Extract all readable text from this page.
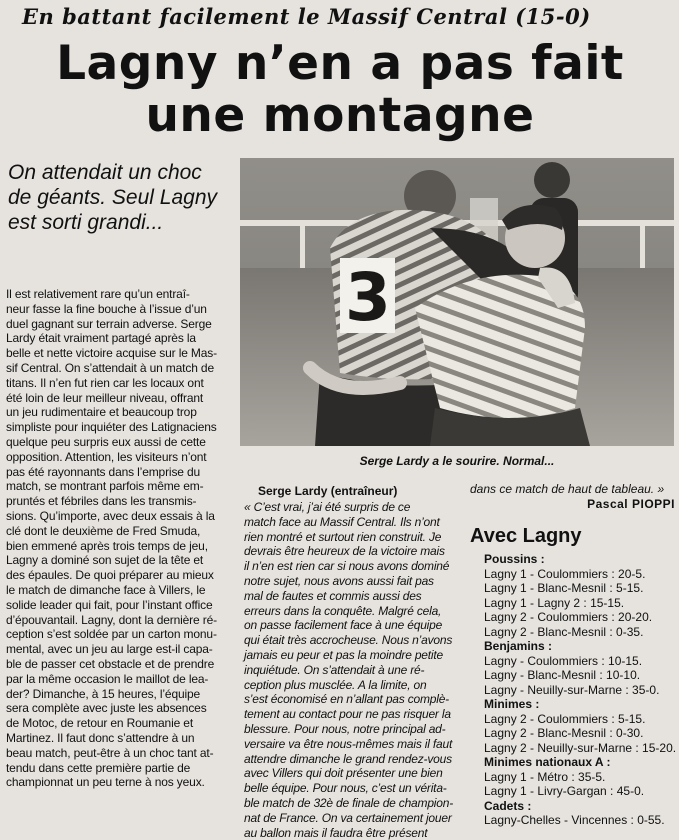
En battant facilement le Massif Central (15-0)
Lagny n’en a pas fait
une montagne
On attendait un choc
de géants. Seul Lagny
est sorti grandi...
Il est relativement rare qu’un entraî-
neur fasse la fine bouche à l’issue d’un
duel gagnant sur terrain adverse. Serge
Lardy était vraiment partagé après la
belle et nette victoire acquise sur le Mas-
sif Central. On s’attendait à un match de
titans. Il n’en fut rien car les locaux ont
été loin de leur meilleur niveau, offrant
un jeu rudimentaire et beaucoup trop
simpliste pour inquiéter des Latignaciens
quelque peu surpris eux aussi de cette
opposition. Attention, les visiteurs n’ont
pas été rayonnants dans l’emprise du
match, se montrant parfois même em-
pruntés et fébriles dans les transmis-
sions. Qu’importe, avec deux essais à la
clé dont le deuxième de Fred Smuda,
bien emmené après trois temps de jeu,
Lagny a dominé son sujet de la tête et
des épaules. De quoi préparer au mieux
le match de dimanche face à Villers, le
solide leader qui fait, pour l’instant office
d’épouvantail. Lagny, dont la dernière ré-
ception s’est soldée par un carton monu-
mental, avec un jeu au large est-il capa-
ble de passer cet obstacle et de prendre
par la même occasion le maillot de lea-
der? Dimanche, à 15 heures, l’équipe
sera complète avec juste les absences
de Motoc, de retour en Roumanie et
Martinez. Il faut donc s’attendre à un
beau match, peut-être à un choc tant at-
tendu dans cette première partie de
championnat un peu terne à nos yeux.
3
Serge Lardy a le sourire. Normal...
Serge Lardy (entraîneur)
« C’est vrai, j’ai été surpris de ce
match face au Massif Central. Ils n’ont
rien montré et surtout rien construit. Je
devrais être heureux de la victoire mais
il n’en est rien car si nous avons dominé
notre sujet, nous avons aussi fait pas
mal de fautes et commis aussi des
erreurs dans la conquête. Malgré cela,
on passe facilement face à une équipe
qui était très accrocheuse. Nous n’avons
jamais eu peur et pas la moindre petite
inquiétude. On s’attendait à une ré-
ception plus musclée. A la limite, on
s’est économisé en n’allant pas complè-
tement au contact pour ne pas risquer la
blessure. Pour nous, notre principal ad-
versaire va être nous-mêmes mais il faut
attendre dimanche le grand rendez-vous
avec Villers qui doit présenter une bien
belle équipe. Pour nous, c’est un vérita-
ble match de 32è de finale de champion-
nat de France. On va certainement jouer
au ballon mais il faudra être présent
dans ce match de haut de tableau. »
Pascal PIOPPI
Avec Lagny
Poussins :
Lagny 1 - Coulommiers : 20-5.
Lagny 1 - Blanc-Mesnil : 5-15.
Lagny 1 - Lagny 2 : 15-15.
Lagny 2 - Coulommiers : 20-20.
Lagny 2 - Blanc-Mesnil : 0-35.
Benjamins :
Lagny - Coulommiers : 10-15.
Lagny - Blanc-Mesnil : 10-10.
Lagny - Neuilly-sur-Marne : 35-0.
Minimes :
Lagny 2 - Coulommiers : 5-15.
Lagny 2 - Blanc-Mesnil : 0-30.
Lagny 2 - Neuilly-sur-Marne : 15-20.
Minimes nationaux A :
Lagny 1 - Métro : 35-5.
Lagny 1 - Livry-Gargan : 45-0.
Cadets :
Lagny-Chelles - Vincennes : 0-55.
